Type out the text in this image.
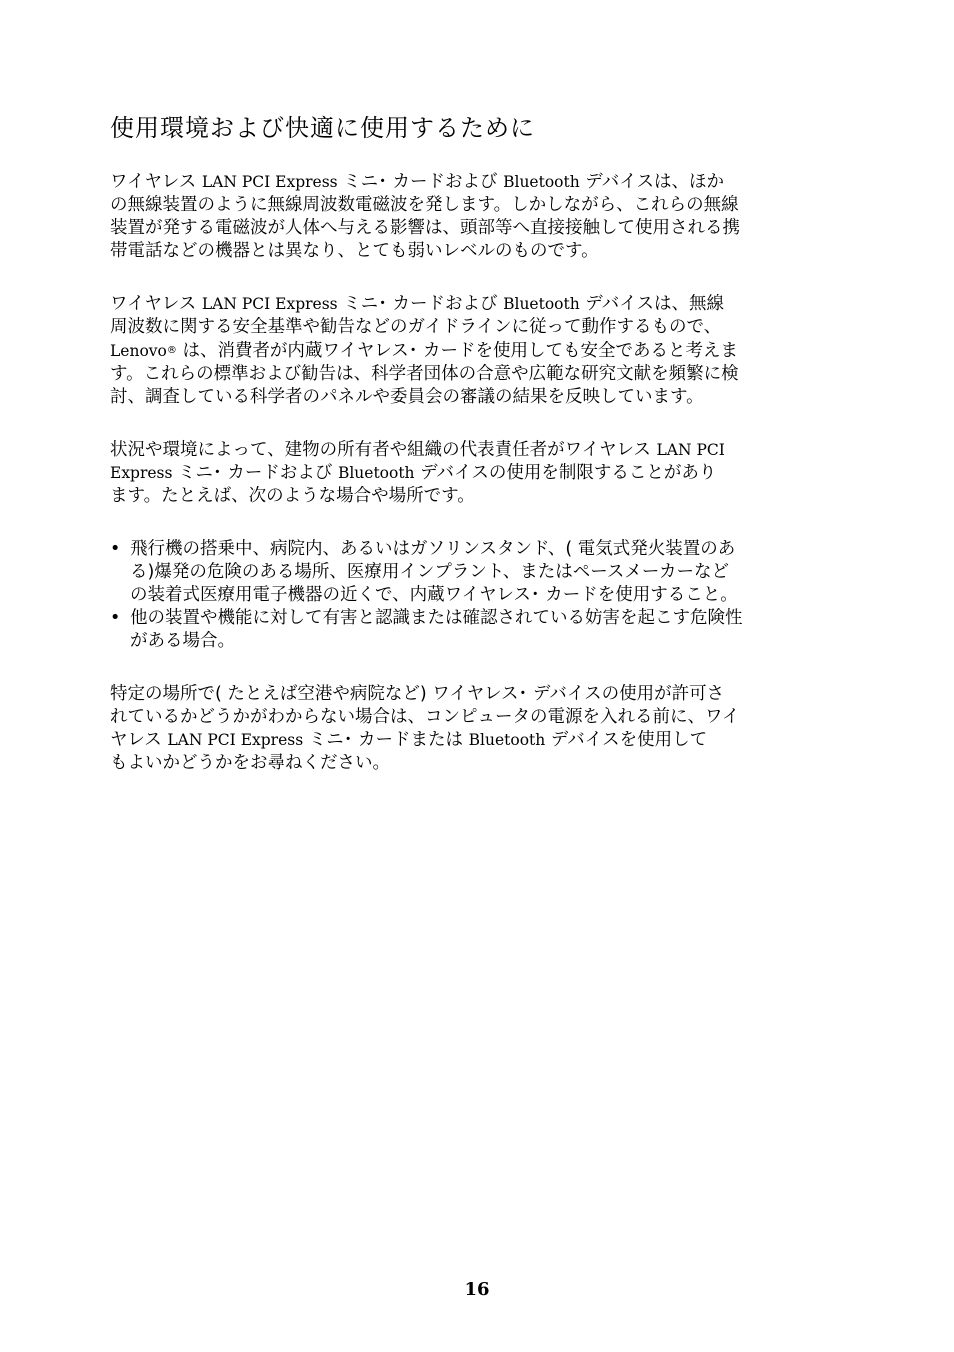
使用環境および快適に使用するために

ワイヤレス LAN PCI Express ミニ･ カードおよび Bluetooth デバイスは、ほか
の無線装置のように無線周波数電磁波を発します。しかしながら、これらの無線
装置が発する電磁波が人体へ与える影響は、頭部等へ直接接触して使用される携
帯電話などの機器とは異なり、とても弱いレベルのものです。

ワイヤレス LAN PCI Express ミニ･ カードおよび Bluetooth デバイスは、無線
周波数に関する安全基準や勧告などのガイドラインに従って動作するもので、
Lenovo® は、消費者が内蔵ワイヤレス･ カードを使用しても安全であると考えま
す。これらの標準および勧告は、科学者団体の合意や広範な研究文献を頻繁に検
討、調査している科学者のパネルや委員会の審議の結果を反映しています。

状況や環境によって、建物の所有者や組織の代表責任者がワイヤレス LAN PCI
Express ミニ･ カードおよび Bluetooth デバイスの使用を制限することがあり
ます。たとえば、次のような場合や場所です。

• 飛行機の搭乗中、病院内、あるいはガソリンスタンド、( 電気式発火装置のあ
る)爆発の危険のある場所、医療用インプラント、またはペースメーカーなど
の装着式医療用電子機器の近くで、内蔵ワイヤレス･ カードを使用すること。
• 他の装置や機能に対して有害と認識または確認されている妨害を起こす危険性
がある場合。

特定の場所で( たとえば空港や病院など) ワイヤレス･ デバイスの使用が許可さ
れているかどうかがわからない場合は、コンピュータの電源を入れる前に、ワイ
ヤレス LAN PCI Express ミニ･ カードまたは Bluetooth デバイスを使用して
もよいかどうかをお尋ねください。

16
